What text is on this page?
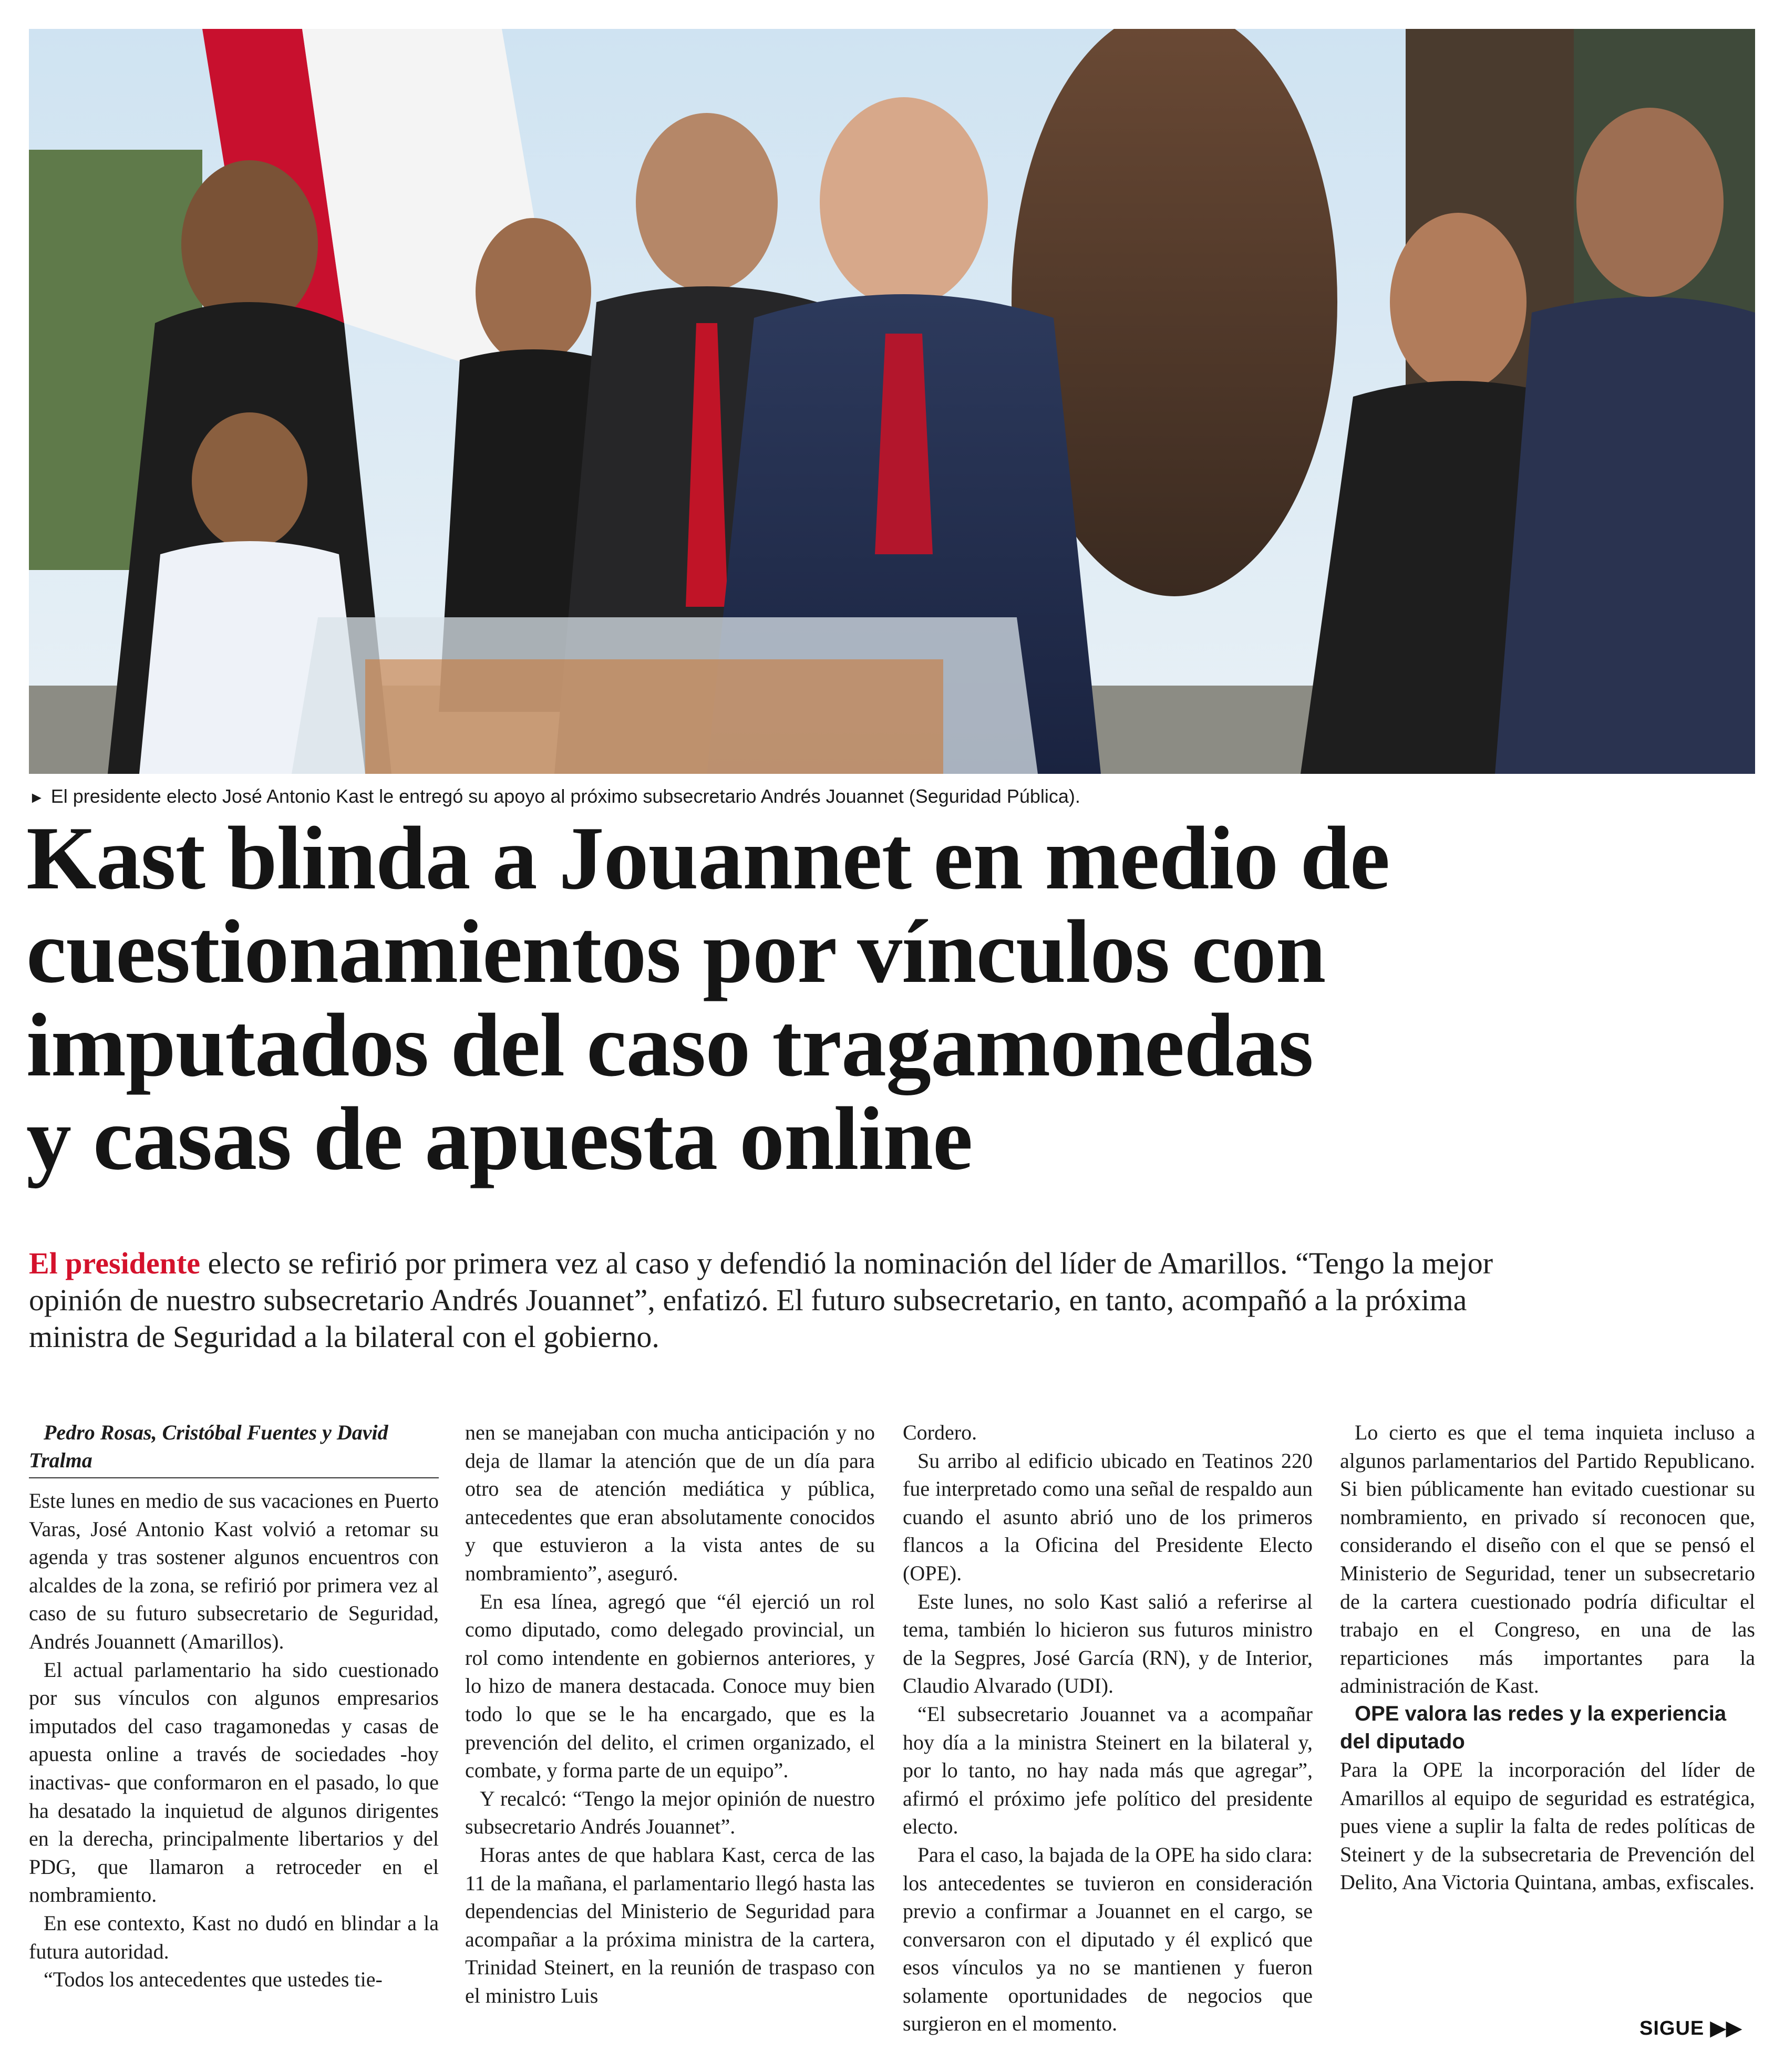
► El presidente electo José Antonio Kast le entregó su apoyo al próximo subsecretario Andrés Jouannet (Seguridad Pública).
Kast blinda a Jouannet en medio de
cuestionamientos por vínculos con
imputados del caso tragamonedas
y casas de apuesta online
El presidente electo se refirió por primera vez al caso y defendió la nominación del líder de Amarillos. “Tengo la mejor
opinión de nuestro subsecretario Andrés Jouannet”, enfatizó. El futuro subsecretario, en tanto, acompañó a la próxima
ministra de Seguridad a la bilateral con el gobierno.

Pedro Rosas, Cristóbal Fuentes y David Tralma

Este lunes en medio de sus vacaciones en Puerto Varas, José Antonio Kast volvió a retomar su agenda y tras sostener algunos encuentros con alcaldes de la zona, se refirió por primera vez al caso de su futuro subsecretario de Seguridad, Andrés Jouannett (Amarillos).

El actual parlamentario ha sido cuestionado por sus vínculos con algunos empresarios imputados del caso tragamonedas y casas de apuesta online a través de sociedades -hoy inactivas- que conformaron en el pasado, lo que ha desatado la inquietud de algunos dirigentes en la derecha, principalmente libertarios y del PDG, que llamaron a retroceder en el nombramiento.

En ese contexto, Kast no dudó en blindar a la futura autoridad.

“Todos los antecedentes que ustedes tie-

nen se manejaban con mucha anticipación y no deja de llamar la atención que de un día para otro sea de atención mediática y pública, antecedentes que eran absolutamente conocidos y que estuvieron a la vista antes de su nombramiento”, aseguró.

En esa línea, agregó que “él ejerció un rol como diputado, como delegado provincial, un rol como intendente en gobiernos anteriores, y lo hizo de manera destacada. Conoce muy bien todo lo que se le ha encargado, que es la prevención del delito, el crimen organizado, el combate, y forma parte de un equipo”.

Y recalcó: “Tengo la mejor opinión de nuestro subsecretario Andrés Jouannet”.

Horas antes de que hablara Kast, cerca de las 11 de la mañana, el parlamentario llegó hasta las dependencias del Ministerio de Seguridad para acompañar a la próxima ministra de la cartera, Trinidad Steinert, en la reunión de traspaso con el ministro Luis

Cordero.

Su arribo al edificio ubicado en Teatinos 220 fue interpretado como una señal de respaldo aun cuando el asunto abrió uno de los primeros flancos a la Oficina del Presidente Electo (OPE).

Este lunes, no solo Kast salió a referirse al tema, también lo hicieron sus futuros ministro de la Segpres, José García (RN), y de Interior, Claudio Alvarado (UDI).

“El subsecretario Jouannet va a acompañar hoy día a la ministra Steinert en la bilateral y, por lo tanto, no hay nada más que agregar”, afirmó el próximo jefe político del presidente electo.

Para el caso, la bajada de la OPE ha sido clara: los antecedentes se tuvieron en consideración previo a confirmar a Jouannet en el cargo, se conversaron con el diputado y él explicó que esos vínculos ya no se mantienen y fueron solamente oportunidades de negocios que surgieron en el momento.

Lo cierto es que el tema inquieta incluso a algunos parlamentarios del Partido Republicano. Si bien públicamente han evitado cuestionar su nombramiento, en privado sí reconocen que, considerando el diseño con el que se pensó el Ministerio de Seguridad, tener un subsecretario de la cartera cuestionado podría dificultar el trabajo en el Congreso, en una de las reparticiones más importantes para la administración de Kast.

OPE valora las redes y la experiencia del diputado

Para la OPE la incorporación del líder de Amarillos al equipo de seguridad es estratégica, pues viene a suplir la falta de redes políticas de Steinert y de la subsecretaria de Prevención del Delito, Ana Victoria Quintana, ambas, exfiscales.

SIGUE ▶▶
